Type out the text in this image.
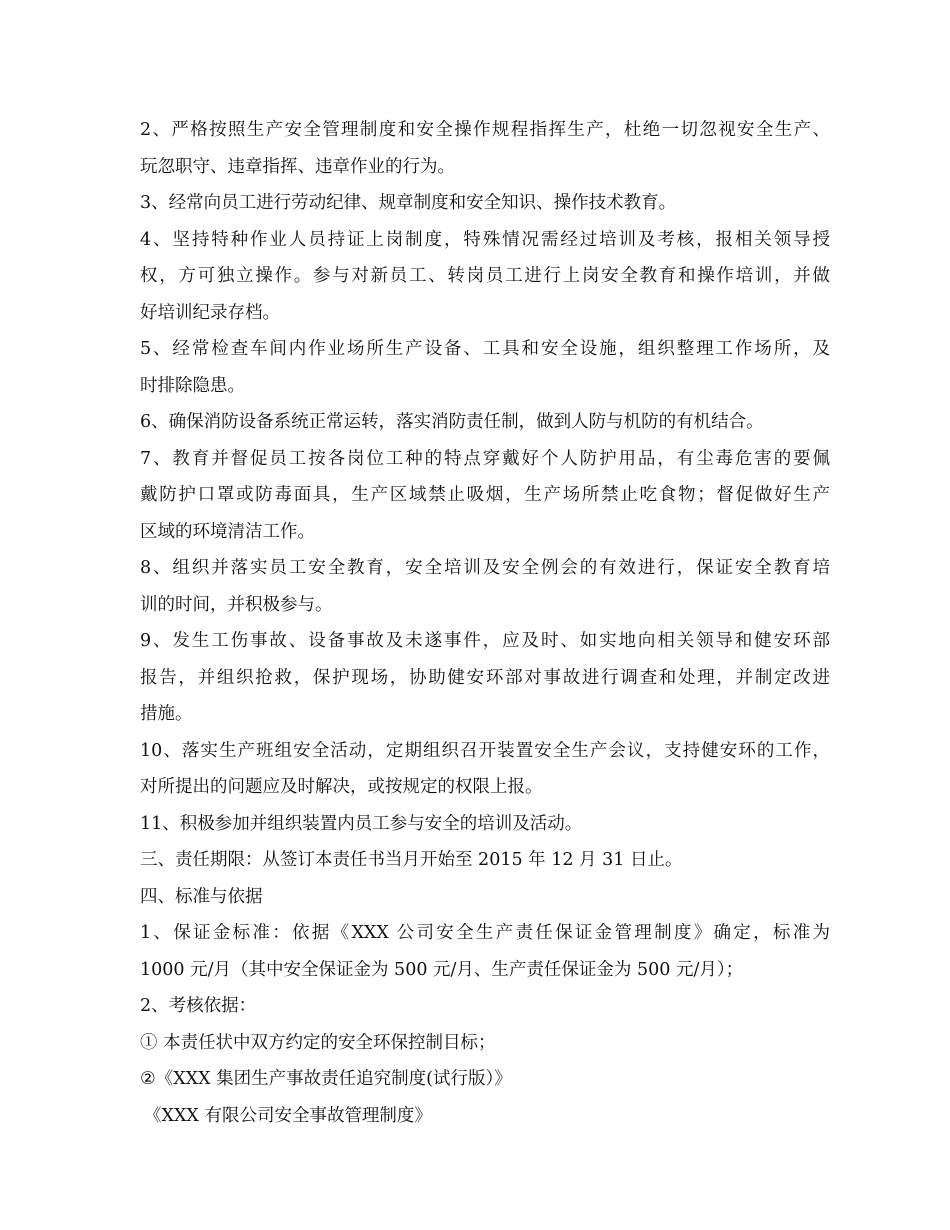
2、严格按照生产安全管理制度和安全操作规程指挥生产，杜绝一切忽视安全生产、
玩忽职守、违章指挥、违章作业的行为。
3、经常向员工进行劳动纪律、规章制度和安全知识、操作技术教育。
4、坚持特种作业人员持证上岗制度，特殊情况需经过培训及考核，报相关领导授
权，方可独立操作。参与对新员工、转岗员工进行上岗安全教育和操作培训，并做
好培训纪录存档。
5、经常检查车间内作业场所生产设备、工具和安全设施，组织整理工作场所，及
时排除隐患。
6、确保消防设备系统正常运转，落实消防责任制，做到人防与机防的有机结合。
7、教育并督促员工按各岗位工种的特点穿戴好个人防护用品，有尘毒危害的要佩
戴防护口罩或防毒面具，生产区域禁止吸烟，生产场所禁止吃食物；督促做好生产
区域的环境清洁工作。
8、组织并落实员工安全教育，安全培训及安全例会的有效进行，保证安全教育培
训的时间，并积极参与。
9、发生工伤事故、设备事故及未遂事件，应及时、如实地向相关领导和健安环部
报告，并组织抢救，保护现场，协助健安环部对事故进行调查和处理，并制定改进
措施。
10、落实生产班组安全活动，定期组织召开装置安全生产会议，支持健安环的工作，
对所提出的问题应及时解决，或按规定的权限上报。
11、积极参加并组织装置内员工参与安全的培训及活动。
三、责任期限：从签订本责任书当月开始至 2015 年 12 月 31 日止。
四、标准与依据
1、保证金标准：依据《XXX 公司安全生产责任保证金管理制度》确定，标准为
1000 元/月（其中安全保证金为 500 元/月、生产责任保证金为 500 元/月）；
2、考核依据：
① 本责任状中双方约定的安全环保控制目标；
②《XXX 集团生产事故责任追究制度(试行版）》
《XXX 有限公司安全事故管理制度》
